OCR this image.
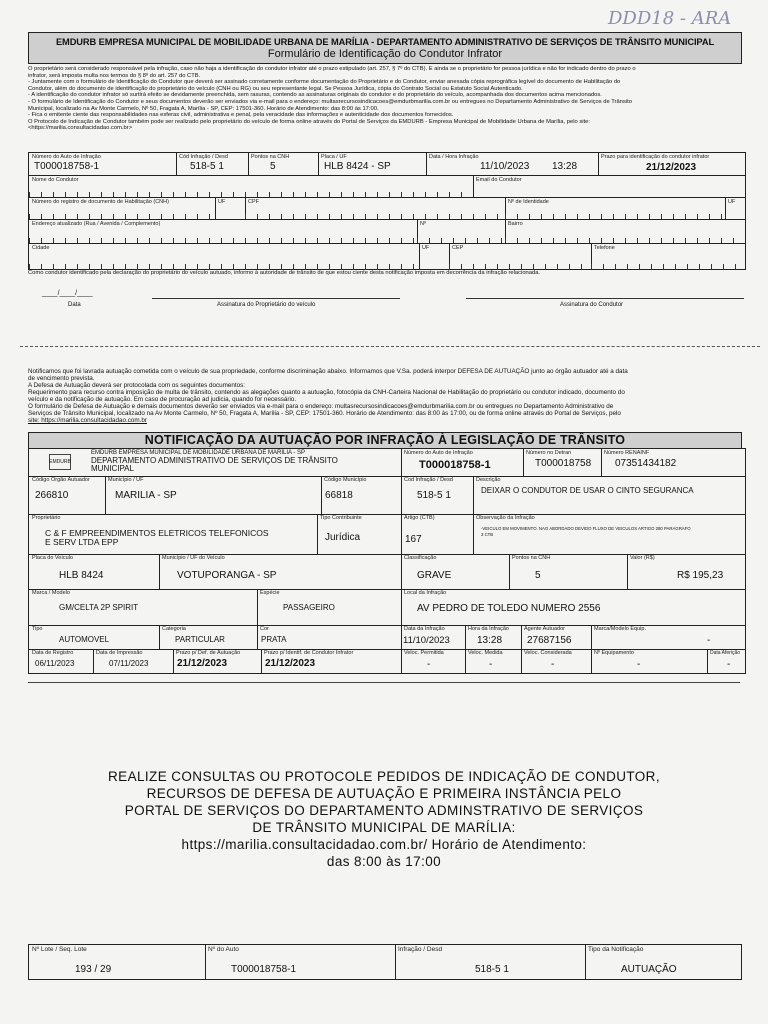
DDD18 - ARA
EMDURB EMPRESA MUNICIPAL DE MOBILIDADE URBANA DE MARÍLIA - DEPARTAMENTO ADMINISTRATIVO DE SERVIÇOS DE TRÂNSITO MUNICIPAL
Formulário de Identificação do Condutor Infrator
O proprietário será considerado responsável pela infração, caso não haja a identificação do condutor infrator até o prazo estipulado (art. 257, § 7º do CTB). E ainda se o proprietário for pessoa jurídica e não for indicado dentro do prazo o
infrator, será imposta multa nos termos do § 8º do art. 257 do CTB.
- Juntamente com o formulário de Identificação do Condutor que deverá ser assinado corretamente conforme documentação do Proprietário e do Condutor, enviar anexada cópia reprográfica legível do documento de Habilitação do
Condutor, além do documento de identificação do proprietário do veículo (CNH ou RG) ou seu representante legal. Se Pessoa Jurídica, cópia do Contrato Social ou Estatuto Social Autenticado.
- A identificação do condutor infrator só surtirá efeito se devidamente preenchida, sem rasuras, contendo as assinaturas originais do condutor e do proprietário do veículo, acompanhada dos documentos acima mencionados.
- O formulário de Identificação do Condutor e seus documentos deverão ser enviados via e-mail para o endereço: multasrecursosindicacoes@emdurbmarilia.com.br ou entregues no Departamento Administrativo de Serviços de Trânsito
Municipal, localizado na Av Monte Carmelo, Nº 50, Fragata A, Marília - SP, CEP: 17501-360. Horário de Atendimento: das 8:00 às 17:00.
- Fica o emitente ciente das responsabilidades nas esferas civil, administrativa e penal, pela veracidade das informações e autenticidade dos documentos fornecidos.
O Protocolo de Indicação de Condutor também pode ser realizado pelo proprietário do veículo de forma online através do Portal de Serviços da EMDURB - Empresa Municipal de Mobilidade Urbana de Marília, pelo site:
<https://marilia.consultacidadao.com.br>
Número do Auto de Infração
T000018758-1
Cód Infração / Desd
518-5 1
Pontos na CNH
5
Placa / UF
HLB 8424 - SP
Data / Hora Infração
11/10/2023 13:28
Prazo para identificação do condutor infrator
21/12/2023
Nome do Condutor	Email do Condutor
Número do registro de documento de Habilitação (CNH)	UF	CPF	Nº de Identidade	UF
Endereço atualizado (Rua / Avenida / Complemento)	Nº	Bairro
Cidade	UF	CEP	Telefone
Como condutor identificado pela declaração do proprietário do veículo autuado, informo à autoridade de trânsito de que estou ciente desta notificação imposta em decorrência da infração relacionada.
____/____/____
Data	Assinatura do Proprietário do veículo	Assinatura do Condutor
Notificamos que foi lavrada autuação cometida com o veículo de sua propriedade, conforme discriminação abaixo. Informamos que V.Sa. poderá interpor DEFESA DE AUTUAÇÃO junto ao órgão autuador até a data
de vencimento prevista.
A Defesa de Autuação deverá ser protocolada com os seguintes documentos:
Requerimento para recurso contra imposição de multa de trânsito, contendo as alegações quanto a autuação, fotocópia da CNH-Carteira Nacional de Habilitação do proprietário ou condutor indicado, documento do
veículo e da notificação de autuação. Em caso de procuração ad judicia, quando for necessário.
O formulário de Defesa de Autuação e demais documentos deverão ser enviados via e-mail para o endereço: multasrecursosindicacoes@emdurbmarilia.com.br ou entregues no Departamento Administrativo de
Serviços de Trânsito Municipal, localizado na Av Monte Carmelo, Nº 50, Fragata A, Marília - SP, CEP: 17501-360. Horário de Atendimento: das 8:00 às 17:00, ou de forma online através do Portal de Serviços, pelo
site: https://marilia.consultacidadao.com.br
NOTIFICAÇÃO DA AUTUAÇÃO POR INFRAÇÃO À LEGISLAÇÃO DE TRÂNSITO
EMDURB
EMDURB EMPRESA MUNICIPAL DE MOBILIDADE URBANA DE MARÍLIA - SP
DEPARTAMENTO ADMINISTRATIVO DE SERVIÇOS DE TRÂNSITO
MUNICIPAL
Código Órgão Autuador
266810
Município / UF
MARILIA - SP
Código Município
66818
Proprietário
C & F EMPREENDIMENTOS ELETRICOS TELEFONICOS
E SERV LTDA EPP
Tipo Contribuinte
Jurídica
Placa do Veículo
HLB 8424
Município / UF do Veículo
VOTUPORANGA - SP
Marca / Modelo
GM/CELTA 2P SPIRIT
Espécie
PASSAGEIRO
Tipo
AUTOMOVEL
Categoria
PARTICULAR
Cor
PRATA
Data de Registro
06/11/2023
Data de Impressão
07/11/2023
Prazo p/ Def. de Autuação
21/12/2023
Prazo p/ Identif. de Condutor Infrator
21/12/2023
Número do Auto de Infração
T000018758-1
Número no Detran
T000018758
Número RENAINF
07351434182
Cod Infração / Desd
518-5 1
Descrição
DEIXAR O CONDUTOR DE USAR O CINTO SEGURANCA
Artigo (CTB)
167
Observação da Infração
-VEICULO EM MOVIMENTO. NAO ABORDADO DEVIDO FLUXO DE VEICULOS ARTIGO 280 PARAGRAFO
3 CTB
Classificação
GRAVE
Pontos na CNH
5
Valor (R$)
R$ 195,23
Local da Infração
AV PEDRO DE TOLEDO NUMERO 2556
Data da Infração
11/10/2023
Hora da Infração
13:28
Agente Autuador
27687156
Marca/Modelo Equip.
-
Veloc. Permitida
-
Veloc. Medida
-
Veloc. Considerada
-
Nº Equipamento
-
Data Aferição
-
REALIZE CONSULTAS OU PROTOCOLE PEDIDOS DE INDICAÇÃO DE CONDUTOR,
RECURSOS DE DEFESA DE AUTUAÇÃO E PRIMEIRA INSTÂNCIA PELO
PORTAL DE SERVIÇOS DO DEPARTAMENTO ADMINSTRATIVO DE SERVIÇOS
DE TRÂNSITO MUNICIPAL DE MARÍLIA:
https://marilia.consultacidadao.com.br/ Horário de Atendimento:
das 8:00 às 17:00
Nº Lote / Seq. Lote
193 / 29
Nº do Auto
T000018758-1
Infração / Desd
518-5 1
Tipo da Notificação
AUTUAÇÃO
